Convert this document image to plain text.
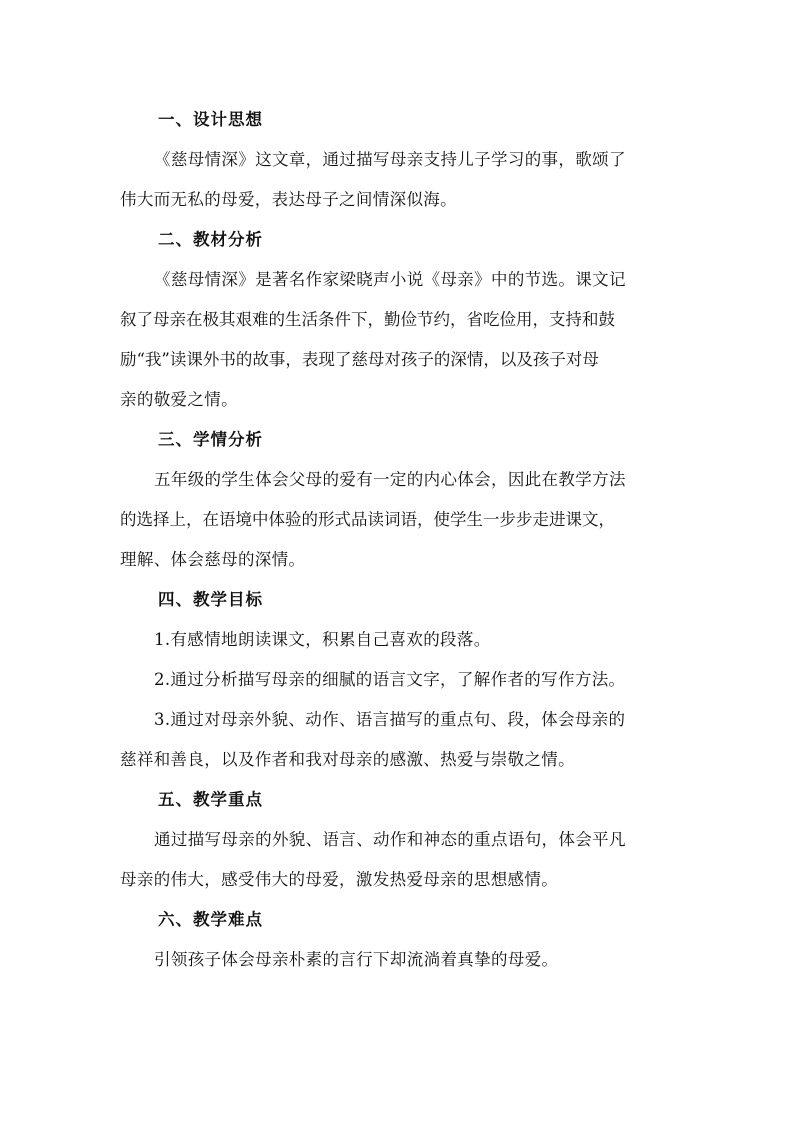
一、设计思想
《慈母情深》这文章，通过描写母亲支持儿子学习的事，歌颂了
伟大而无私的母爱，表达母子之间情深似海。
二、教材分析
《慈母情深》是著名作家梁晓声小说《母亲》中的节选。课文记
叙了母亲在极其艰难的生活条件下，勤俭节约，省吃俭用，支持和鼓
励“我”读课外书的故事，表现了慈母对孩子的深情，以及孩子对母
亲的敬爱之情。
三、学情分析
五年级的学生体会父母的爱有一定的内心体会，因此在教学方法
的选择上，在语境中体验的形式品读词语，使学生一步步走进课文，
理解、体会慈母的深情。
四、教学目标
1.有感情地朗读课文，积累自己喜欢的段落。
2.通过分析描写母亲的细腻的语言文字，了解作者的写作方法。
3.通过对母亲外貌、动作、语言描写的重点句、段，体会母亲的
慈祥和善良，以及作者和我对母亲的感激、热爱与崇敬之情。
五、教学重点
通过描写母亲的外貌、语言、动作和神态的重点语句，体会平凡
母亲的伟大，感受伟大的母爱，激发热爱母亲的思想感情。
六、教学难点
引领孩子体会母亲朴素的言行下却流淌着真挚的母爱。
